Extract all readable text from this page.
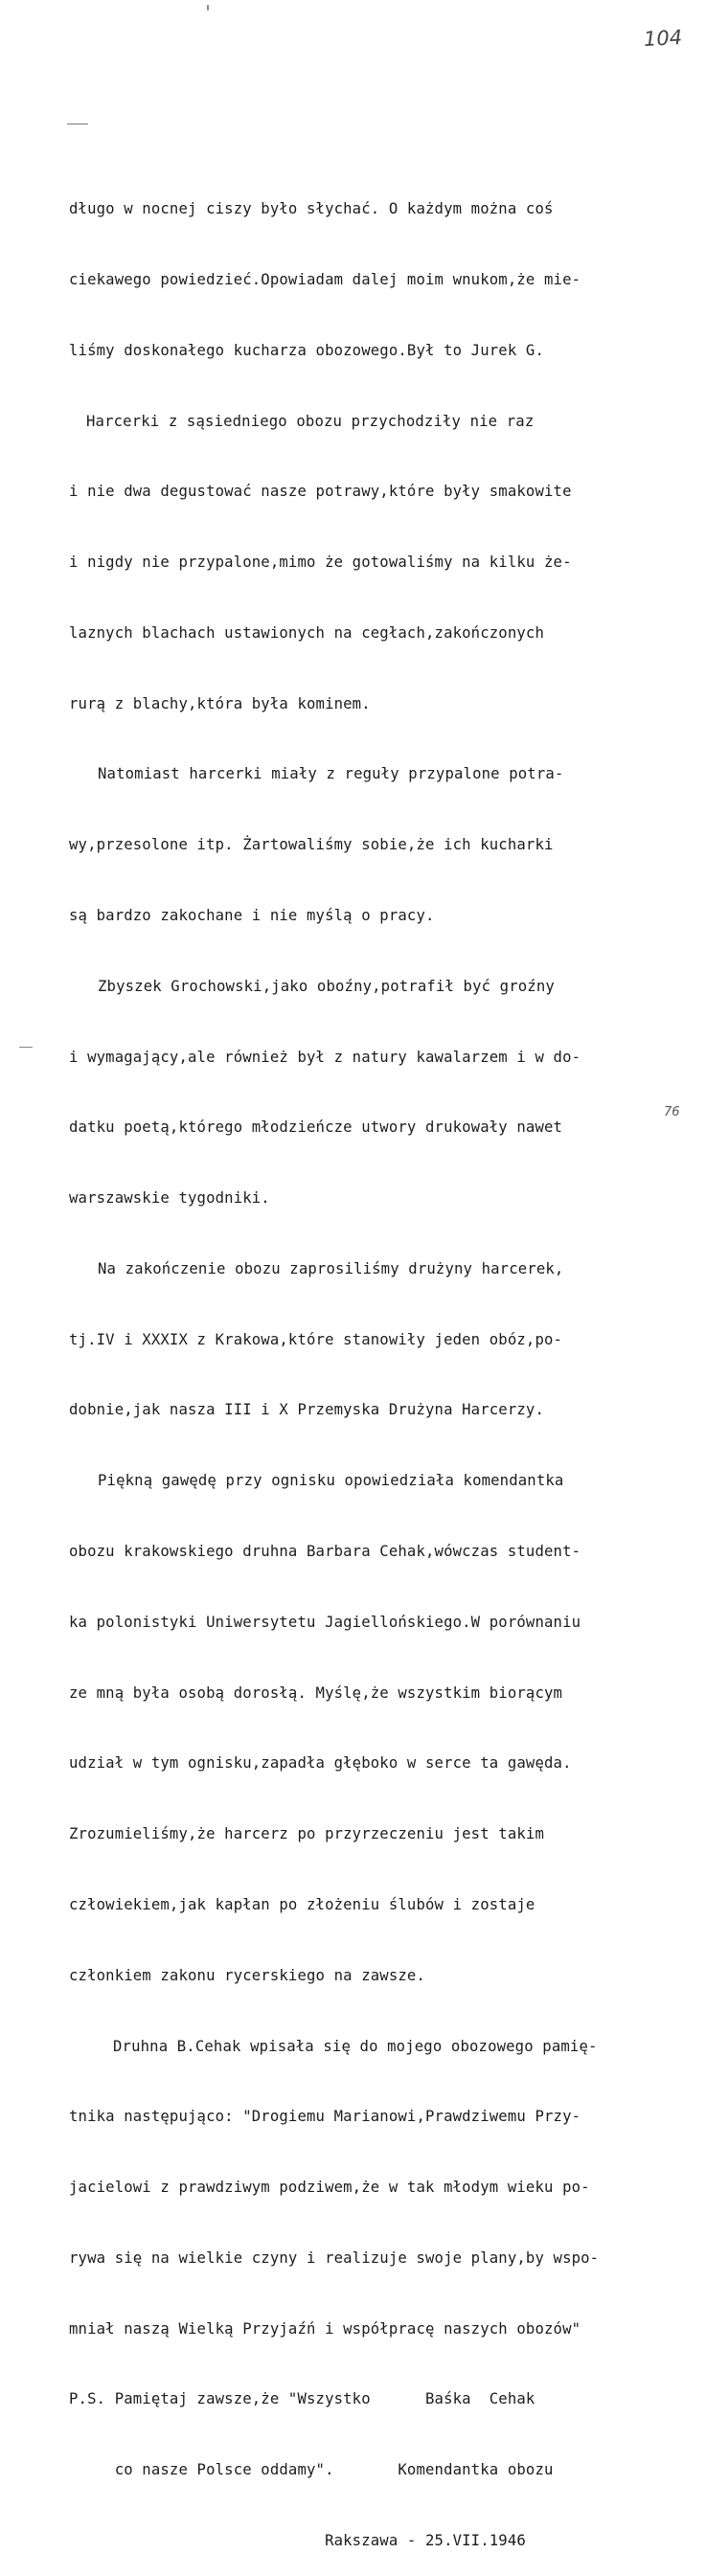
104

długo w nocnej ciszy było słychać. O każdym można coś

ciekawego powiedzieć.Opowiadam dalej moim wnukom,że mie-

liśmy doskonałego kucharza obozowego.Był to Jurek G.

Harcerki z sąsiedniego obozu przychodziły nie raz

i nie dwa degustować nasze potrawy,które były smakowite

i nigdy nie przypalone,mimo że gotowaliśmy na kilku że-

laznych blachach ustawionych na cegłach,zakończonych

rurą z blachy,która była kominem.

Natomiast harcerki miały z reguły przypalone potra-

wy,przesolone itp. Żartowaliśmy sobie,że ich kucharki

są bardzo zakochane i nie myślą o pracy.

Zbyszek Grochowski,jako oboźny,potrafił być groźny

i wymagający,ale również był z natury kawalarzem i w do-

datku poetą,którego młodzieńcze utwory drukowały nawet

warszawskie tygodniki.

Na zakończenie obozu zaprosiliśmy drużyny harcerek,

tj.IV i XXXIX z Krakowa,które stanowiły jeden obóz,po-

dobnie,jak nasza III i X Przemyska Drużyna Harcerzy.

Piękną gawędę przy ognisku opowiedziała komendantka

obozu krakowskiego druhna Barbara Cehak,wówczas student-

ka polonistyki Uniwersytetu Jagiellońskiego.W porównaniu

ze mną była osobą dorosłą. Myślę,że wszystkim biorącym

udział w tym ognisku,zapadła głęboko w serce ta gawęda.

Zrozumieliśmy,że harcerz po przyrzeczeniu jest takim

człowiekiem,jak kapłan po złożeniu ślubów i zostaje

członkiem zakonu rycerskiego na zawsze.

Druhna B.Cehak wpisała się do mojego obozowego pamię-

tnika następująco: "Drogiemu Marianowi,Prawdziwemu Przy-

jacielowi z prawdziwym podziwem,że w tak młodym wieku po-

rywa się na wielkie czyny i realizuje swoje plany,by wspo-

mniał naszą Wielką Przyjaźń i współpracę naszych obozów"

P.S. Pamiętaj zawsze,że "Wszystko      Baśka  Cehak

co nasze Polsce oddamy".       Komendantka obozu

Rakszawa - 25.VII.1946

76
